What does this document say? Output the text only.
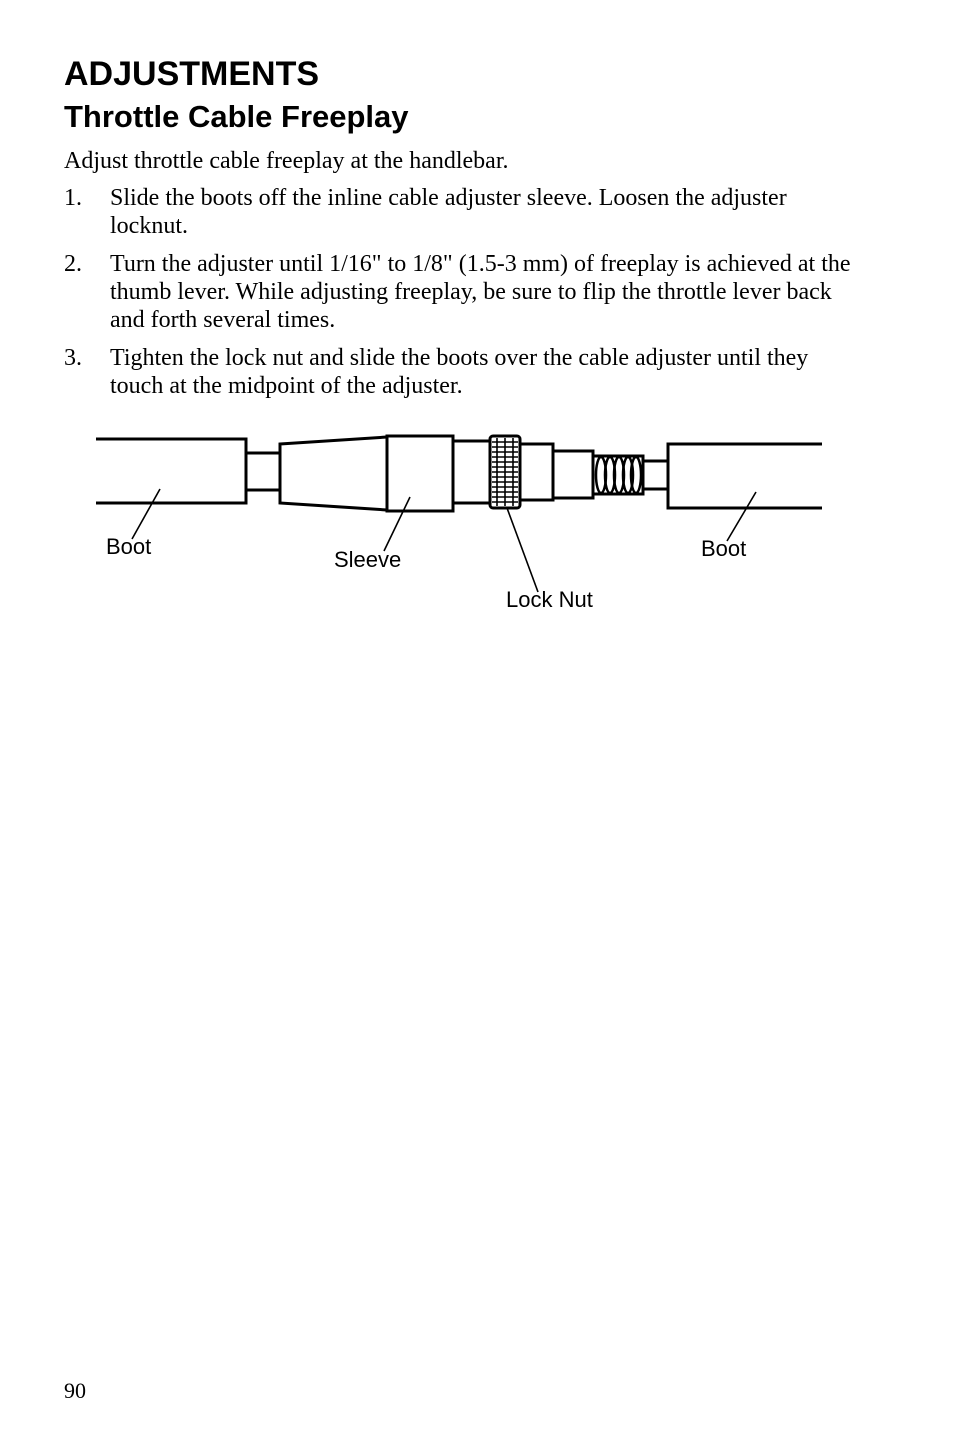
ADJUSTMENTS
Throttle Cable Freeplay

Adjust throttle cable freeplay at the handlebar.

1. Slide the boots off the inline cable adjuster sleeve. Loosen the adjuster locknut.
2. Turn the adjuster until 1/16" to 1/8" (1.5-3 mm) of freeplay is achieved at the thumb lever. While adjusting freeplay, be sure to flip the throttle lever back and forth several times.
3. Tighten the lock nut and slide the boots over the cable adjuster until they touch at the midpoint of the adjuster.
Boot
Sleeve
Lock Nut
Boot

90
